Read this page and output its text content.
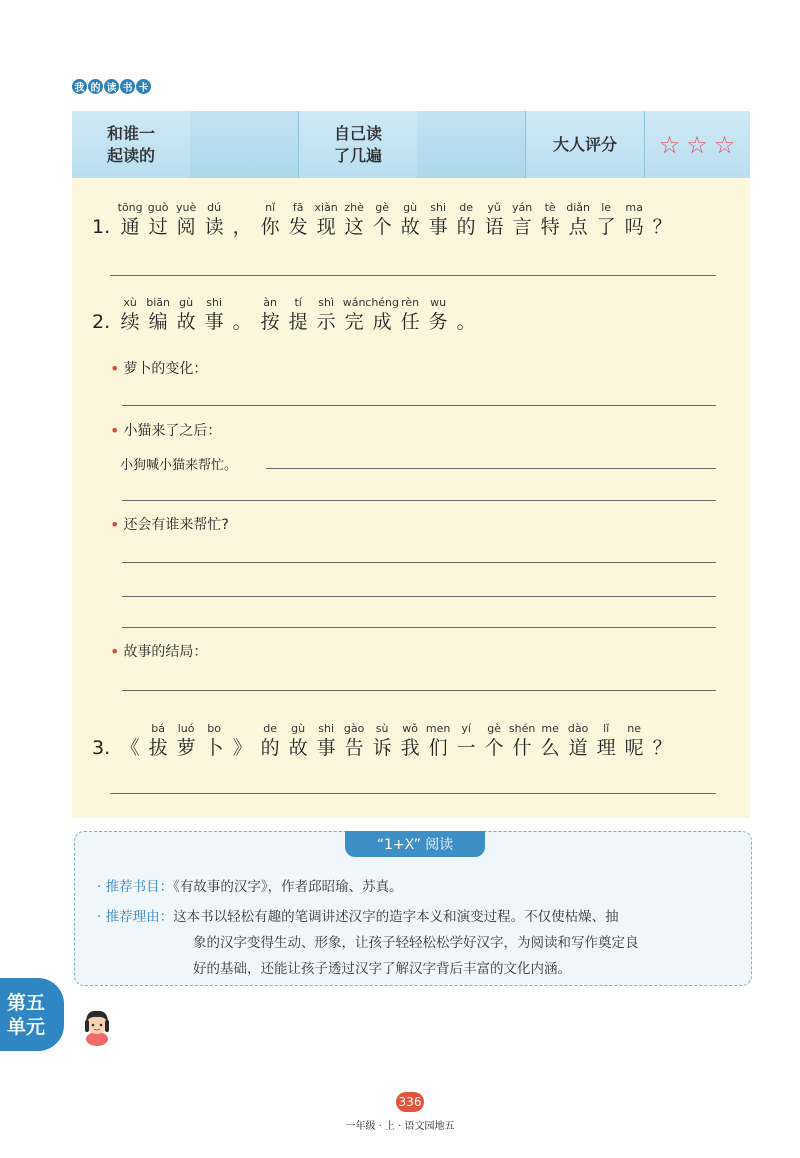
我 的 读 书 卡
和谁一
起读的
自己读
了几遍
大人评分	☆ ☆ ☆
1.
tōng
通
guò
过
yuè
阅
dú
读 ，
nǐ
你
fā
发
xiàn
现
zhè
这
gè
个
gù
故
shi
事
de
的
yǔ
语
yán
言
tè
特
diǎn
点
le
了
ma
吗 ？
2.
xù
续
biān
编
gù
故
shi
事 。
àn
按
tí
提
shì
示
wán
完
chéng
成
rèn
任
wu
务 。
• 萝卜的变化：
• 小猫来了之后：
小狗喊小猫来帮忙。
• 还会有谁来帮忙?
• 故事的结局：
3. 《
bá
拔
luó
萝
bo
卜 》
de
的
gù
故
shi
事
gào
告
sù
诉
wǒ
我
men
们
yí
一
gè
个
shén
什
me
么
dào
道
lǐ
理
ne
呢 ？
“1+X” 阅读
· 推荐书目：《有故事的汉字》，作者邱昭瑜、苏真。
· 推荐理由：这本书以轻松有趣的笔调讲述汉字的造字本义和演变过程。不仅使枯燥、抽
象的汉字变得生动、形象，让孩子轻轻松松学好汉字，为阅读和写作奠定良
好的基础，还能让孩子透过汉字了解汉字背后丰富的文化内涵。
第五
单元
336
一年级 · 上 · 语文园地五
